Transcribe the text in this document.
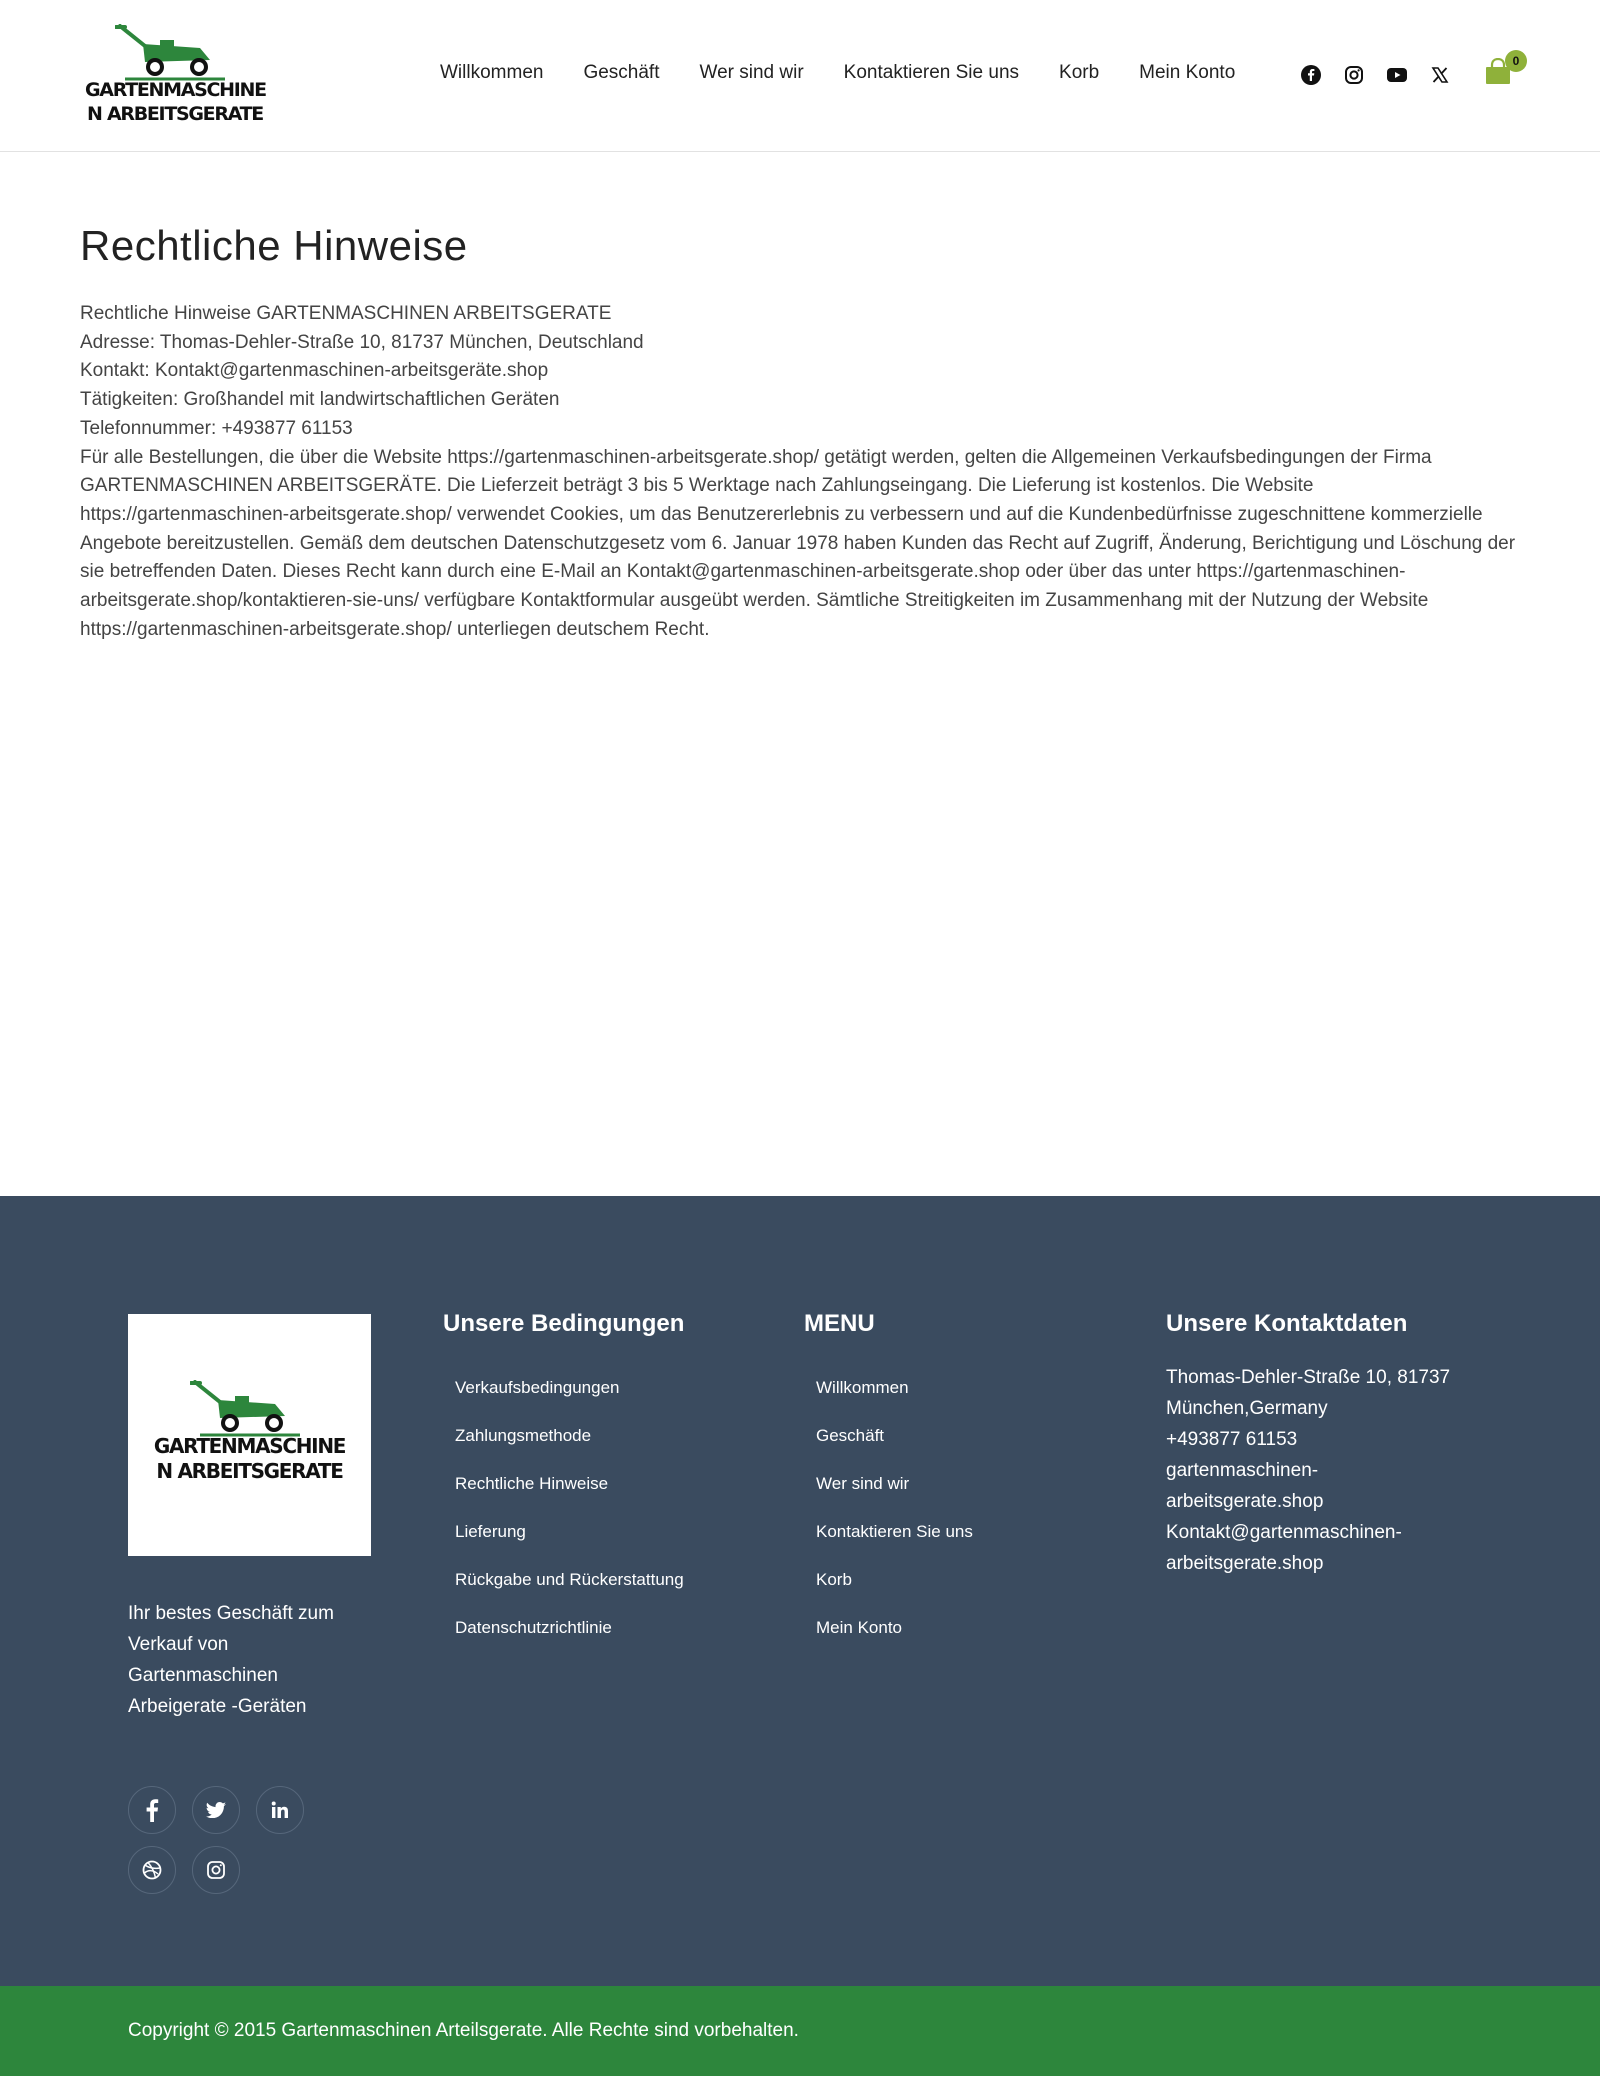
GARTENMASCHINE
N ARBEITSGERATE
Willkommen Geschäft Wer sind wir Kontaktieren Sie uns Korb Mein Konto
0
Rechtliche Hinweise

Rechtliche Hinweise GARTENMASCHINEN ARBEITSGERATE

Adresse: Thomas-Dehler-Straße 10, 81737 München, Deutschland

Kontakt: Kontakt@gartenmaschinen-arbeitsgeräte.shop

Tätigkeiten: Großhandel mit landwirtschaftlichen Geräten

Telefonnummer: +493877 61153

Für alle Bestellungen, die über die Website https://gartenmaschinen-arbeitsgerate.shop/ getätigt werden, gelten die Allgemeinen Verkaufsbedingungen der Firma GARTENMASCHINEN ARBEITSGERÄTE. Die Lieferzeit beträgt 3 bis 5 Werktage nach Zahlungseingang. Die Lieferung ist kostenlos. Die Website https://gartenmaschinen-arbeitsgerate.shop/ verwendet Cookies, um das Benutzererlebnis zu verbessern und auf die Kundenbedürfnisse zugeschnittene kommerzielle Angebote bereitzustellen. Gemäß dem deutschen Datenschutzgesetz vom 6. Januar 1978 haben Kunden das Recht auf Zugriff, Änderung, Berichtigung und Löschung der sie betreffenden Daten. Dieses Recht kann durch eine E-Mail an Kontakt@gartenmaschinen-arbeitsgerate.shop oder über das unter https://gartenmaschinen-arbeitsgerate.shop/kontaktieren-sie-uns/ verfügbare Kontaktformular ausgeübt werden. Sämtliche Streitigkeiten im Zusammenhang mit der Nutzung der Website https://gartenmaschinen-arbeitsgerate.shop/ unterliegen deutschem Recht.

GARTENMASCHINE
N ARBEITSGERATE
Ihr bestes Geschäft zum Verkauf von Gartenmaschinen Arbeigerate -Geräten
Unsere Bedingungen
Verkaufsbedingungen
Zahlungsmethode
Rechtliche Hinweise
Lieferung
Rückgabe und Rückerstattung
Datenschutzrichtlinie
MENU
Willkommen
Geschäft
Wer sind wir
Kontaktieren Sie uns
Korb
Mein Konto
Unsere Kontaktdaten
Thomas-Dehler-Straße 10, 81737
München,Germany
+493877 61153
gartenmaschinen-
arbeitsgerate.shop
Kontakt@gartenmaschinen-
arbeitsgerate.shop
Copyright © 2015 Gartenmaschinen Arteilsgerate. Alle Rechte sind vorbehalten.
